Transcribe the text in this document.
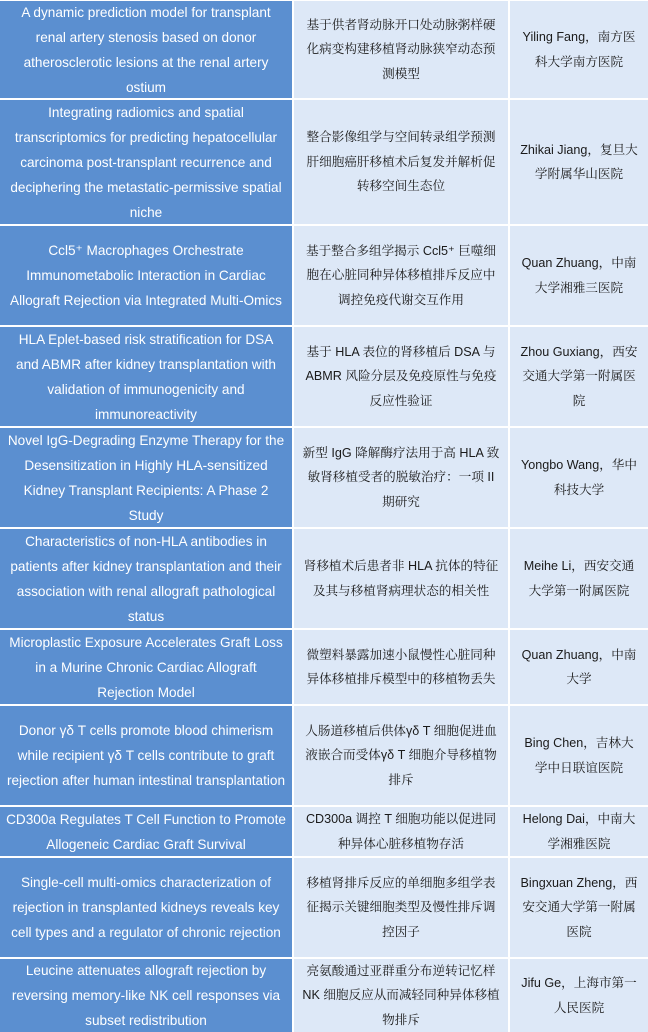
A dynamic prediction model for transplant renal artery stenosis based on donor atherosclerotic lesions at the renal artery ostium
基于供者肾动脉开口处动脉粥样硬化病变构建移植肾动脉狭窄动态预测模型
Yiling Fang，南方医科大学南方医院
Integrating radiomics and spatial transcriptomics for predicting hepatocellular carcinoma post-transplant recurrence and deciphering the metastatic-permissive spatial niche
整合影像组学与空间转录组学预测肝细胞癌肝移植术后复发并解析促转移空间生态位
Zhikai Jiang，复旦大学附属华山医院
Ccl5⁺ Macrophages Orchestrate Immunometabolic Interaction in Cardiac Allograft Rejection via Integrated Multi-Omics
基于整合多组学揭示 Ccl5⁺ 巨噬细胞在心脏同种异体移植排斥反应中调控免疫代谢交互作用
Quan Zhuang，中南大学湘雅三医院
HLA Eplet-based risk stratification for DSA and ABMR after kidney transplantation with validation of immunogenicity and immunoreactivity
基于 HLA 表位的肾移植后 DSA 与 ABMR 风险分层及免疫原性与免疫反应性验证
Zhou Guxiang，西安交通大学第一附属医院
Novel IgG-Degrading Enzyme Therapy for the Desensitization in Highly HLA-sensitized Kidney Transplant Recipients: A Phase 2 Study
新型 IgG 降解酶疗法用于高 HLA 致敏肾移植受者的脱敏治疗：一项 II期研究
Yongbo Wang，华中科技大学
Characteristics of non-HLA antibodies in patients after kidney transplantation and their association with renal allograft pathological status
肾移植术后患者非 HLA 抗体的特征及其与移植肾病理状态的相关性
Meihe Li，西安交通大学第一附属医院
Microplastic Exposure Accelerates Graft Loss in a Murine Chronic Cardiac Allograft Rejection Model
微塑料暴露加速小鼠慢性心脏同种异体移植排斥模型中的移植物丢失
Quan Zhuang，中南大学
Donor γδ T cells promote blood chimerism while recipient γδ T cells contribute to graft rejection after human intestinal transplantation
人肠道移植后供体γδ T 细胞促进血液嵌合而受体γδ T 细胞介导移植物排斥
Bing Chen，吉林大学中日联谊医院
CD300a Regulates T Cell Function to Promote Allogeneic Cardiac Graft Survival
CD300a 调控 T 细胞功能以促进同种异体心脏移植物存活
Helong Dai，中南大学湘雅医院
Single-cell multi-omics characterization of rejection in transplanted kidneys reveals key cell types and a regulator of chronic rejection
移植肾排斥反应的单细胞多组学表征揭示关键细胞类型及慢性排斥调控因子
Bingxuan Zheng，西安交通大学第一附属医院
Leucine attenuates allograft rejection by reversing memory-like NK cell responses via subset redistribution
亮氨酸通过亚群重分布逆转记忆样 NK 细胞反应从而减轻同种异体移植物排斥
Jifu Ge，上海市第一人民医院
